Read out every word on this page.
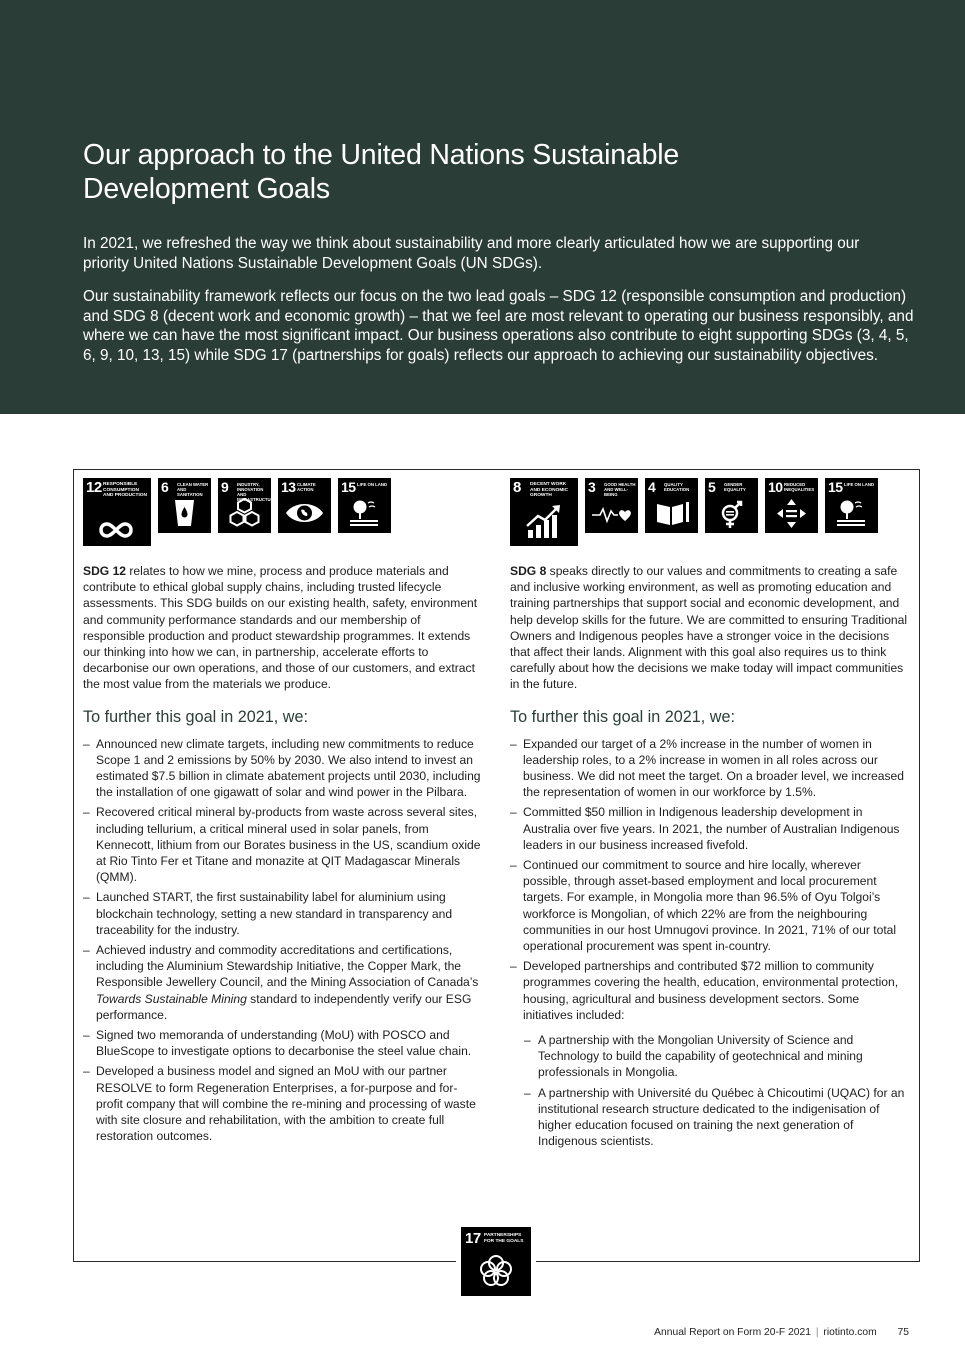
Our approach to the United Nations Sustainable
Development Goals

In 2021, we refreshed the way we think about sustainability and more clearly articulated how we are supporting our priority United Nations Sustainable Development Goals (UN SDGs).

Our sustainability framework reflects our focus on the two lead goals – SDG 12 (responsible consumption and production) and SDG 8 (decent work and economic growth) – that we feel are most relevant to operating our business responsibly, and where we can have the most significant impact. Our business operations also contribute to eight supporting SDGs (3, 4, 5, 6, 9, 10, 13, 15) while SDG 17 (partnerships for goals) reflects our approach to achieving our sustainability objectives.

12 RESPONSIBLE CONSUMPTION AND PRODUCTION
6 CLEAN WATER AND SANITATION	9 INDUSTRY, INNOVATION AND INFRASTRUCTURE
13 CLIMATE ACTION	15 LIFE ON LAND	8 DECENT WORK AND ECONOMIC GROWTH
3 GOOD HEALTH AND WELL-BEING	4 QUALITY EDUCATION	5 GENDER EQUALITY	10 REDUCED INEQUALITIES 15 LIFE ON LAND

SDG 12 relates to how we mine, process and produce materials and contribute to ethical global supply chains, including trusted lifecycle assessments. This SDG builds on our existing health, safety, environment and community performance standards and our membership of responsible production and product stewardship programmes. It extends our thinking into how we can, in partnership, accelerate efforts to decarbonise our own operations, and those of our customers, and extract the most value from the materials we produce.

To further this goal in 2021, we:
– Announced new climate targets, including new commitments to reduce Scope 1 and 2 emissions by 50% by 2030. We also intend to invest an estimated $7.5 billion in climate abatement projects until 2030, including the installation of one gigawatt of solar and wind power in the Pilbara.
– Recovered critical mineral by-products from waste across several sites, including tellurium, a critical mineral used in solar panels, from Kennecott, lithium from our Borates business in the US, scandium oxide at Rio Tinto Fer et Titane and monazite at QIT Madagascar Minerals (QMM).
– Launched START, the first sustainability label for aluminium using blockchain technology, setting a new standard in transparency and traceability for the industry.
– Achieved industry and commodity accreditations and certifications, including the Aluminium Stewardship Initiative, the Copper Mark, the Responsible Jewellery Council, and the Mining Association of Canada’s Towards Sustainable Mining standard to independently verify our ESG performance.
– Signed two memoranda of understanding (MoU) with POSCO and BlueScope to investigate options to decarbonise the steel value chain.
– Developed a business model and signed an MoU with our partner RESOLVE to form Regeneration Enterprises, a for-purpose and for-profit company that will combine the re-mining and processing of waste with site closure and rehabilitation, with the ambition to create full restoration outcomes.

SDG 8 speaks directly to our values and commitments to creating a safe and inclusive working environment, as well as promoting education and training partnerships that support social and economic development, and help develop skills for the future. We are committed to ensuring Traditional Owners and Indigenous peoples have a stronger voice in the decisions that affect their lands. Alignment with this goal also requires us to think carefully about how the decisions we make today will impact communities in the future.

To further this goal in 2021, we:
– Expanded our target of a 2% increase in the number of women in leadership roles, to a 2% increase in women in all roles across our business. We did not meet the target. On a broader level, we increased the representation of women in our workforce by 1.5%.
– Committed $50 million in Indigenous leadership development in Australia over five years. In 2021, the number of Australian Indigenous leaders in our business increased fivefold.
– Continued our commitment to source and hire locally, wherever possible, through asset-based employment and local procurement targets. For example, in Mongolia more than 96.5% of Oyu Tolgoi’s workforce is Mongolian, of which 22% are from the neighbouring communities in our host Umnugovi province. In 2021, 71% of our total operational procurement was spent in-country.
– Developed partnerships and contributed $72 million to community programmes covering the health, education, environmental protection, housing, agricultural and business development sectors. Some initiatives included:
– A partnership with the Mongolian University of Science and Technology to build the capability of geotechnical and mining professionals in Mongolia.
– A partnership with Université du Québec à Chicoutimi (UQAC) for an institutional research structure dedicated to the indigenisation of higher education focused on training the next generation of Indigenous scientists.
17 PARTNERSHIPS FOR THE GOALS
Annual Report on Form 20-F 2021 | riotinto.com 75
